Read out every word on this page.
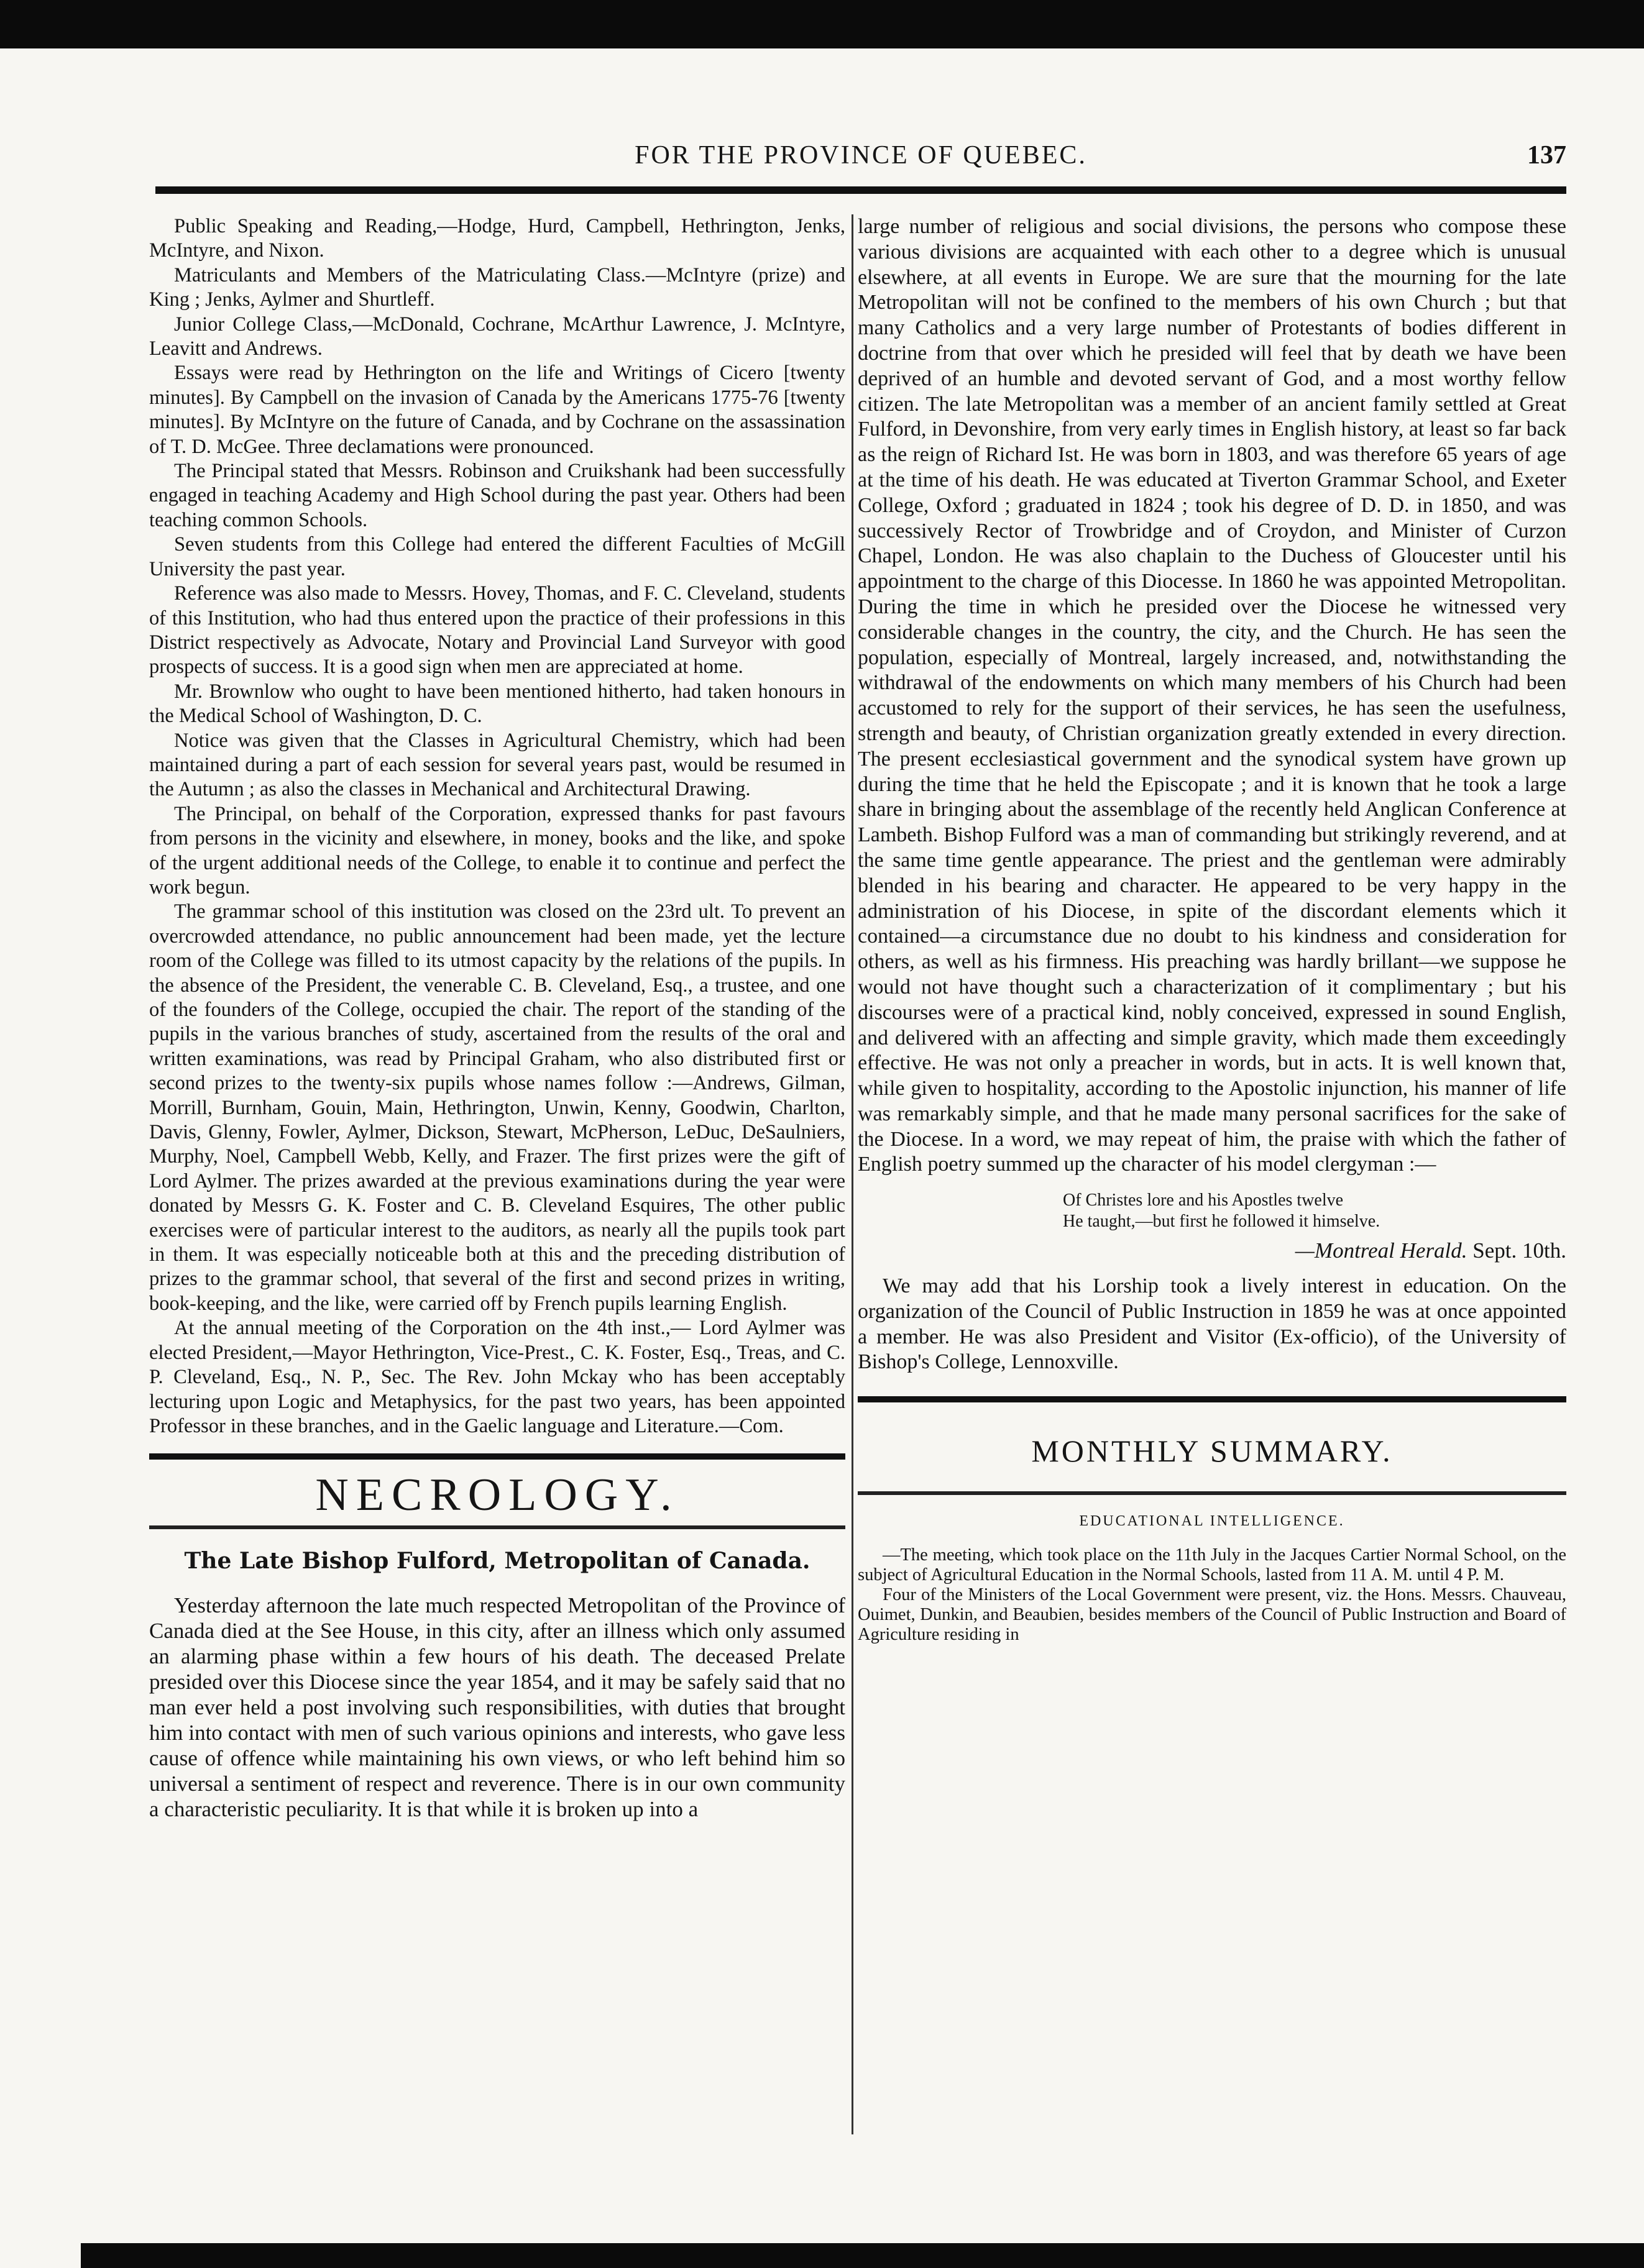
FOR THE PROVINCE OF QUEBEC.	137

Public Speaking and Reading,—Hodge, Hurd, Campbell, Hethrington, Jenks, McIntyre, and Nixon.

Matriculants and Members of the Matriculating Class.—McIntyre (prize) and King ; Jenks, Aylmer and Shurtleff.

Junior College Class,—McDonald, Cochrane, McArthur Lawrence, J. McIntyre, Leavitt and Andrews.

Essays were read by Hethrington on the life and Writings of Cicero [twenty minutes]. By Campbell on the invasion of Canada by the Americans 1775-76 [twenty minutes]. By McIntyre on the future of Canada, and by Cochrane on the assassination of T. D. McGee. Three declamations were pronounced.

The Principal stated that Messrs. Robinson and Cruikshank had been successfully engaged in teaching Academy and High School during the past year. Others had been teaching common Schools.

Seven students from this College had entered the different Faculties of McGill University the past year.

Reference was also made to Messrs. Hovey, Thomas, and F. C. Cleveland, students of this Institution, who had thus entered upon the practice of their professions in this District respectively as Advocate, Notary and Provincial Land Surveyor with good prospects of success. It is a good sign when men are appreciated at home.

Mr. Brownlow who ought to have been mentioned hitherto, had taken honours in the Medical School of Washington, D. C.

Notice was given that the Classes in Agricultural Chemistry, which had been maintained during a part of each session for several years past, would be resumed in the Autumn ; as also the classes in Mechanical and Architectural Drawing.

The Principal, on behalf of the Corporation, expressed thanks for past favours from persons in the vicinity and elsewhere, in money, books and the like, and spoke of the urgent additional needs of the College, to enable it to continue and perfect the work begun.

The grammar school of this institution was closed on the 23rd ult. To prevent an overcrowded attendance, no public announcement had been made, yet the lecture room of the College was filled to its utmost capacity by the relations of the pupils. In the absence of the President, the venerable C. B. Cleveland, Esq., a trustee, and one of the founders of the College, occupied the chair. The report of the standing of the pupils in the various branches of study, ascertained from the results of the oral and written examinations, was read by Principal Graham, who also distributed first or second prizes to the twenty-six pupils whose names follow :—Andrews, Gilman, Morrill, Burnham, Gouin, Main, Hethrington, Unwin, Kenny, Goodwin, Charlton, Davis, Glenny, Fowler, Aylmer, Dickson, Stewart, McPherson, LeDuc, DeSaulniers, Murphy, Noel, Campbell Webb, Kelly, and Frazer. The first prizes were the gift of Lord Aylmer. The prizes awarded at the previous examinations during the year were donated by Messrs G. K. Foster and C. B. Cleveland Esquires, The other public exercises were of particular interest to the auditors, as nearly all the pupils took part in them. It was especially noticeable both at this and the preceding distribution of prizes to the grammar school, that several of the first and second prizes in writing, book-keeping, and the like, were carried off by French pupils learning English.

At the annual meeting of the Corporation on the 4th inst.,— Lord Aylmer was elected President,—Mayor Hethrington, Vice-Prest., C. K. Foster, Esq., Treas, and C. P. Cleveland, Esq., N. P., Sec. The Rev. John Mckay who has been acceptably lecturing upon Logic and Metaphysics, for the past two years, has been appointed Professor in these branches, and in the Gaelic language and Literature.—Com.

NECROLOGY.
The Late Bishop Fulford, Metropolitan of Canada.

Yesterday afternoon the late much respected Metropolitan of the Province of Canada died at the See House, in this city, after an illness which only assumed an alarming phase within a few hours of his death. The deceased Prelate presided over this Diocese since the year 1854, and it may be safely said that no man ever held a post involving such responsibilities, with duties that brought him into contact with men of such various opinions and interests, who gave less cause of offence while maintaining his own views, or who left behind him so universal a sentiment of respect and reverence. There is in our own community a characteristic peculiarity. It is that while it is broken up into a

large number of religious and social divisions, the persons who compose these various divisions are acquainted with each other to a degree which is unusual elsewhere, at all events in Europe. We are sure that the mourning for the late Metropolitan will not be confined to the members of his own Church ; but that many Catholics and a very large number of Protestants of bodies different in doctrine from that over which he presided will feel that by death we have been deprived of an humble and devoted servant of God, and a most worthy fellow citizen. The late Metropolitan was a member of an ancient family settled at Great Fulford, in Devonshire, from very early times in English history, at least so far back as the reign of Richard Ist. He was born in 1803, and was therefore 65 years of age at the time of his death. He was educated at Tiverton Grammar School, and Exeter College, Oxford ; graduated in 1824 ; took his degree of D. D. in 1850, and was successively Rector of Trowbridge and of Croydon, and Minister of Curzon Chapel, London. He was also chaplain to the Duchess of Gloucester until his appointment to the charge of this Diocesse. In 1860 he was appointed Metropolitan. During the time in which he presided over the Diocese he witnessed very considerable changes in the country, the city, and the Church. He has seen the population, especially of Montreal, largely increased, and, notwithstanding the withdrawal of the endowments on which many members of his Church had been accustomed to rely for the support of their services, he has seen the usefulness, strength and beauty, of Christian organization greatly extended in every direction. The present ecclesiastical government and the synodical system have grown up during the time that he held the Episcopate ; and it is known that he took a large share in bringing about the assemblage of the recently held Anglican Conference at Lambeth. Bishop Fulford was a man of commanding but strikingly reverend, and at the same time gentle appearance. The priest and the gentleman were admirably blended in his bearing and character. He appeared to be very happy in the administration of his Diocese, in spite of the discordant elements which it contained—a circumstance due no doubt to his kindness and consideration for others, as well as his firmness. His preaching was hardly brillant—we suppose he would not have thought such a characterization of it complimentary ; but his discourses were of a practical kind, nobly conceived, expressed in sound English, and delivered with an affecting and simple gravity, which made them exceedingly effective. He was not only a preacher in words, but in acts. It is well known that, while given to hospitality, according to the Apostolic injunction, his manner of life was remarkably simple, and that he made many personal sacrifices for the sake of the Diocese. In a word, we may repeat of him, the praise with which the father of English poetry summed up the character of his model clergyman :—

Of Christes lore and his Apostles twelve
He taught,—but first he followed it himselve.
—Montreal Herald. Sept. 10th.

We may add that his Lorship took a lively interest in education. On the organization of the Council of Public Instruction in 1859 he was at once appointed a member. He was also President and Visitor (Ex-officio), of the University of Bishop's College, Lennoxville.

MONTHLY SUMMARY.
EDUCATIONAL INTELLIGENCE.

—The meeting, which took place on the 11th July in the Jacques Cartier Normal School, on the subject of Agricultural Education in the Normal Schools, lasted from 11 A. M. until 4 P. M.

Four of the Ministers of the Local Government were present, viz. the Hons. Messrs. Chauveau, Ouimet, Dunkin, and Beaubien, besides members of the Council of Public Instruction and Board of Agriculture residing in
